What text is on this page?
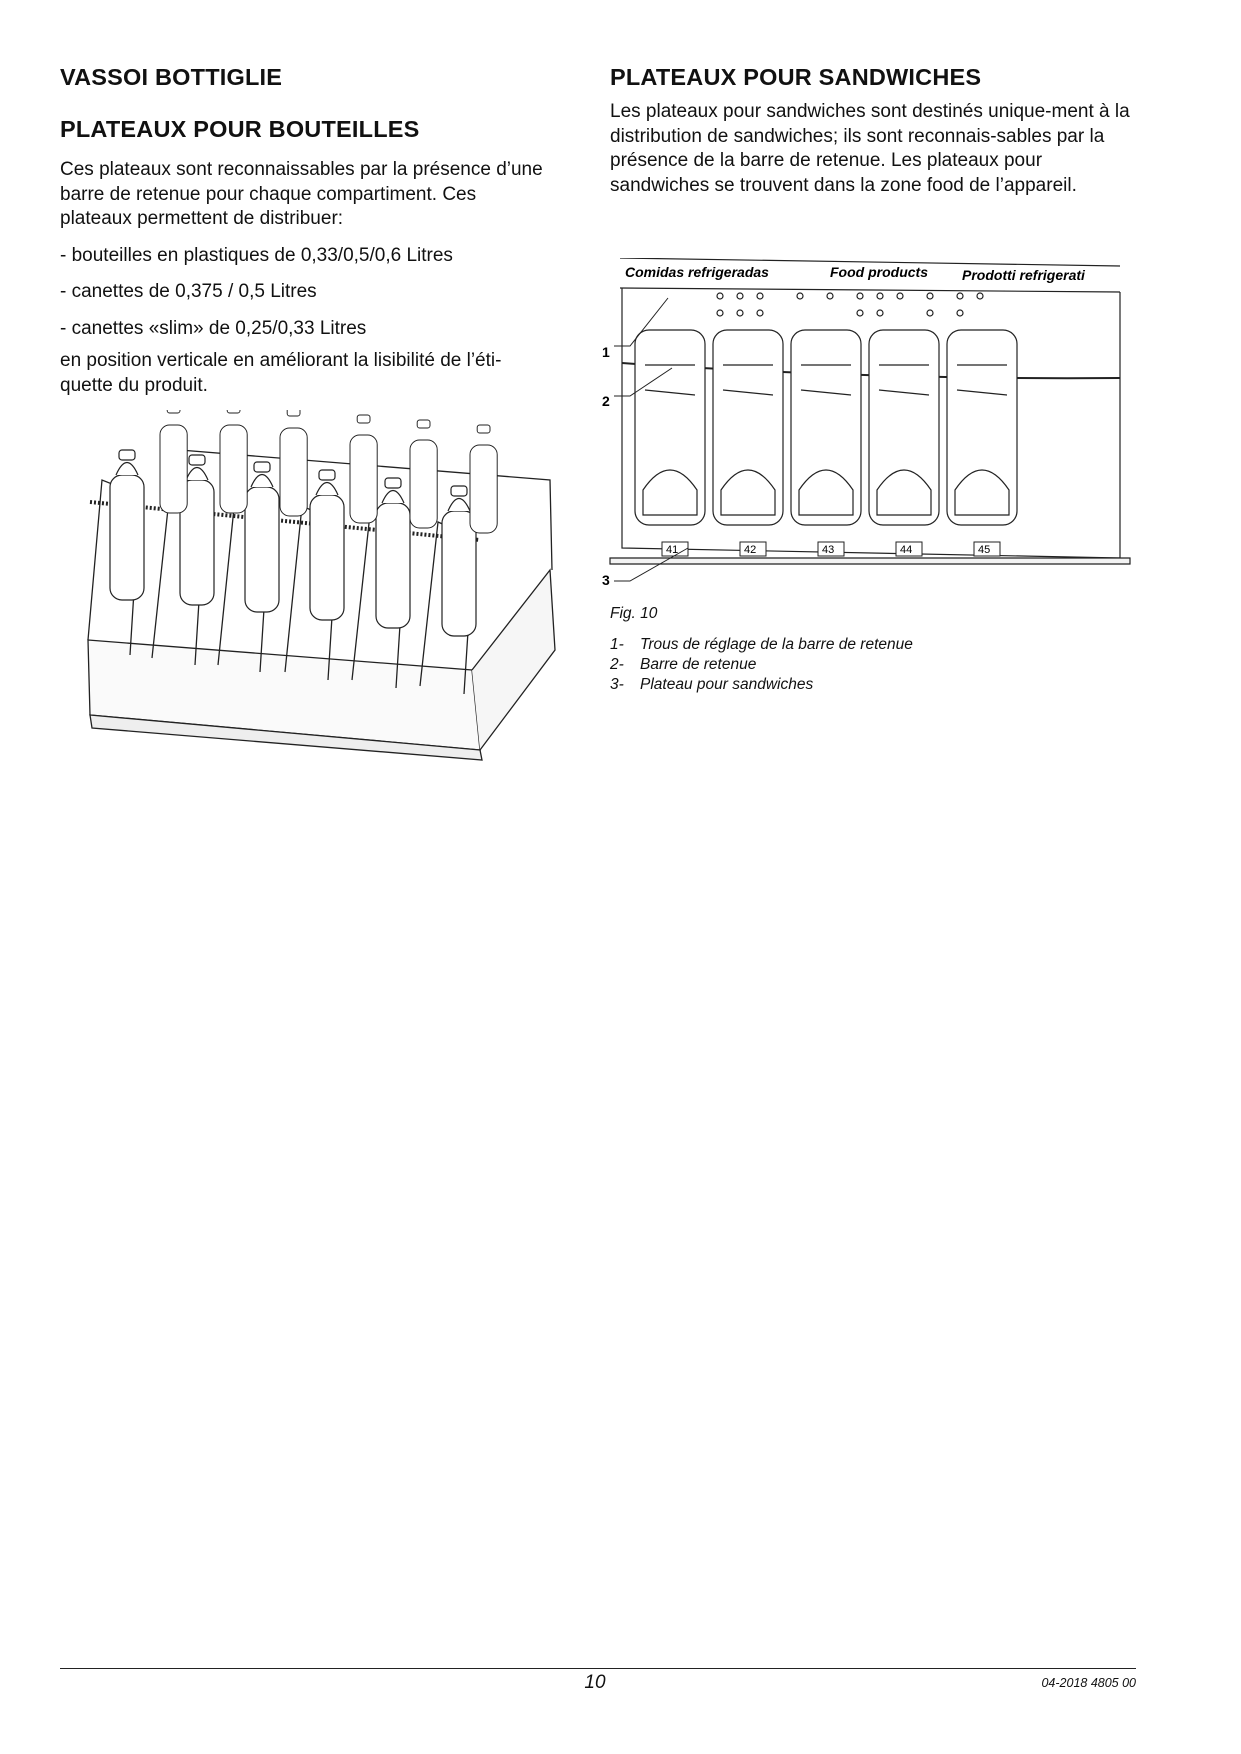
VASSOI BOTTIGLIE
PLATEAUX POUR BOUTEILLES

Ces plateaux sont reconnaissables par la présence d’une barre de retenue pour chaque compartiment. Ces plateaux permettent de distribuer:

- bouteilles en plastiques de 0,33/0,5/0,6 Litres

- canettes de 0,375 / 0,5 Litres

- canettes «slim» de 0,25/0,33 Litres

en position verticale en améliorant la lisibilité de l’éti-quette du produit.

PLATEAUX POUR SANDWICHES

Les plateaux pour sandwiches sont destinés unique-ment à la distribution de sandwiches; ils sont reconnais-sables par la présence de la barre de retenue. Les plateaux pour sandwiches se trouvent dans la zone food de l’appareil.

41	42	43	44	45
Comidas refrigeradas	Food products Prodotti refrigerati
1
2
3
Fig. 10
1-	Trous de réglage de la barre de retenue
2-	Barre de retenue
3-	Plateau pour sandwiches
10	04-2018 4805 00
